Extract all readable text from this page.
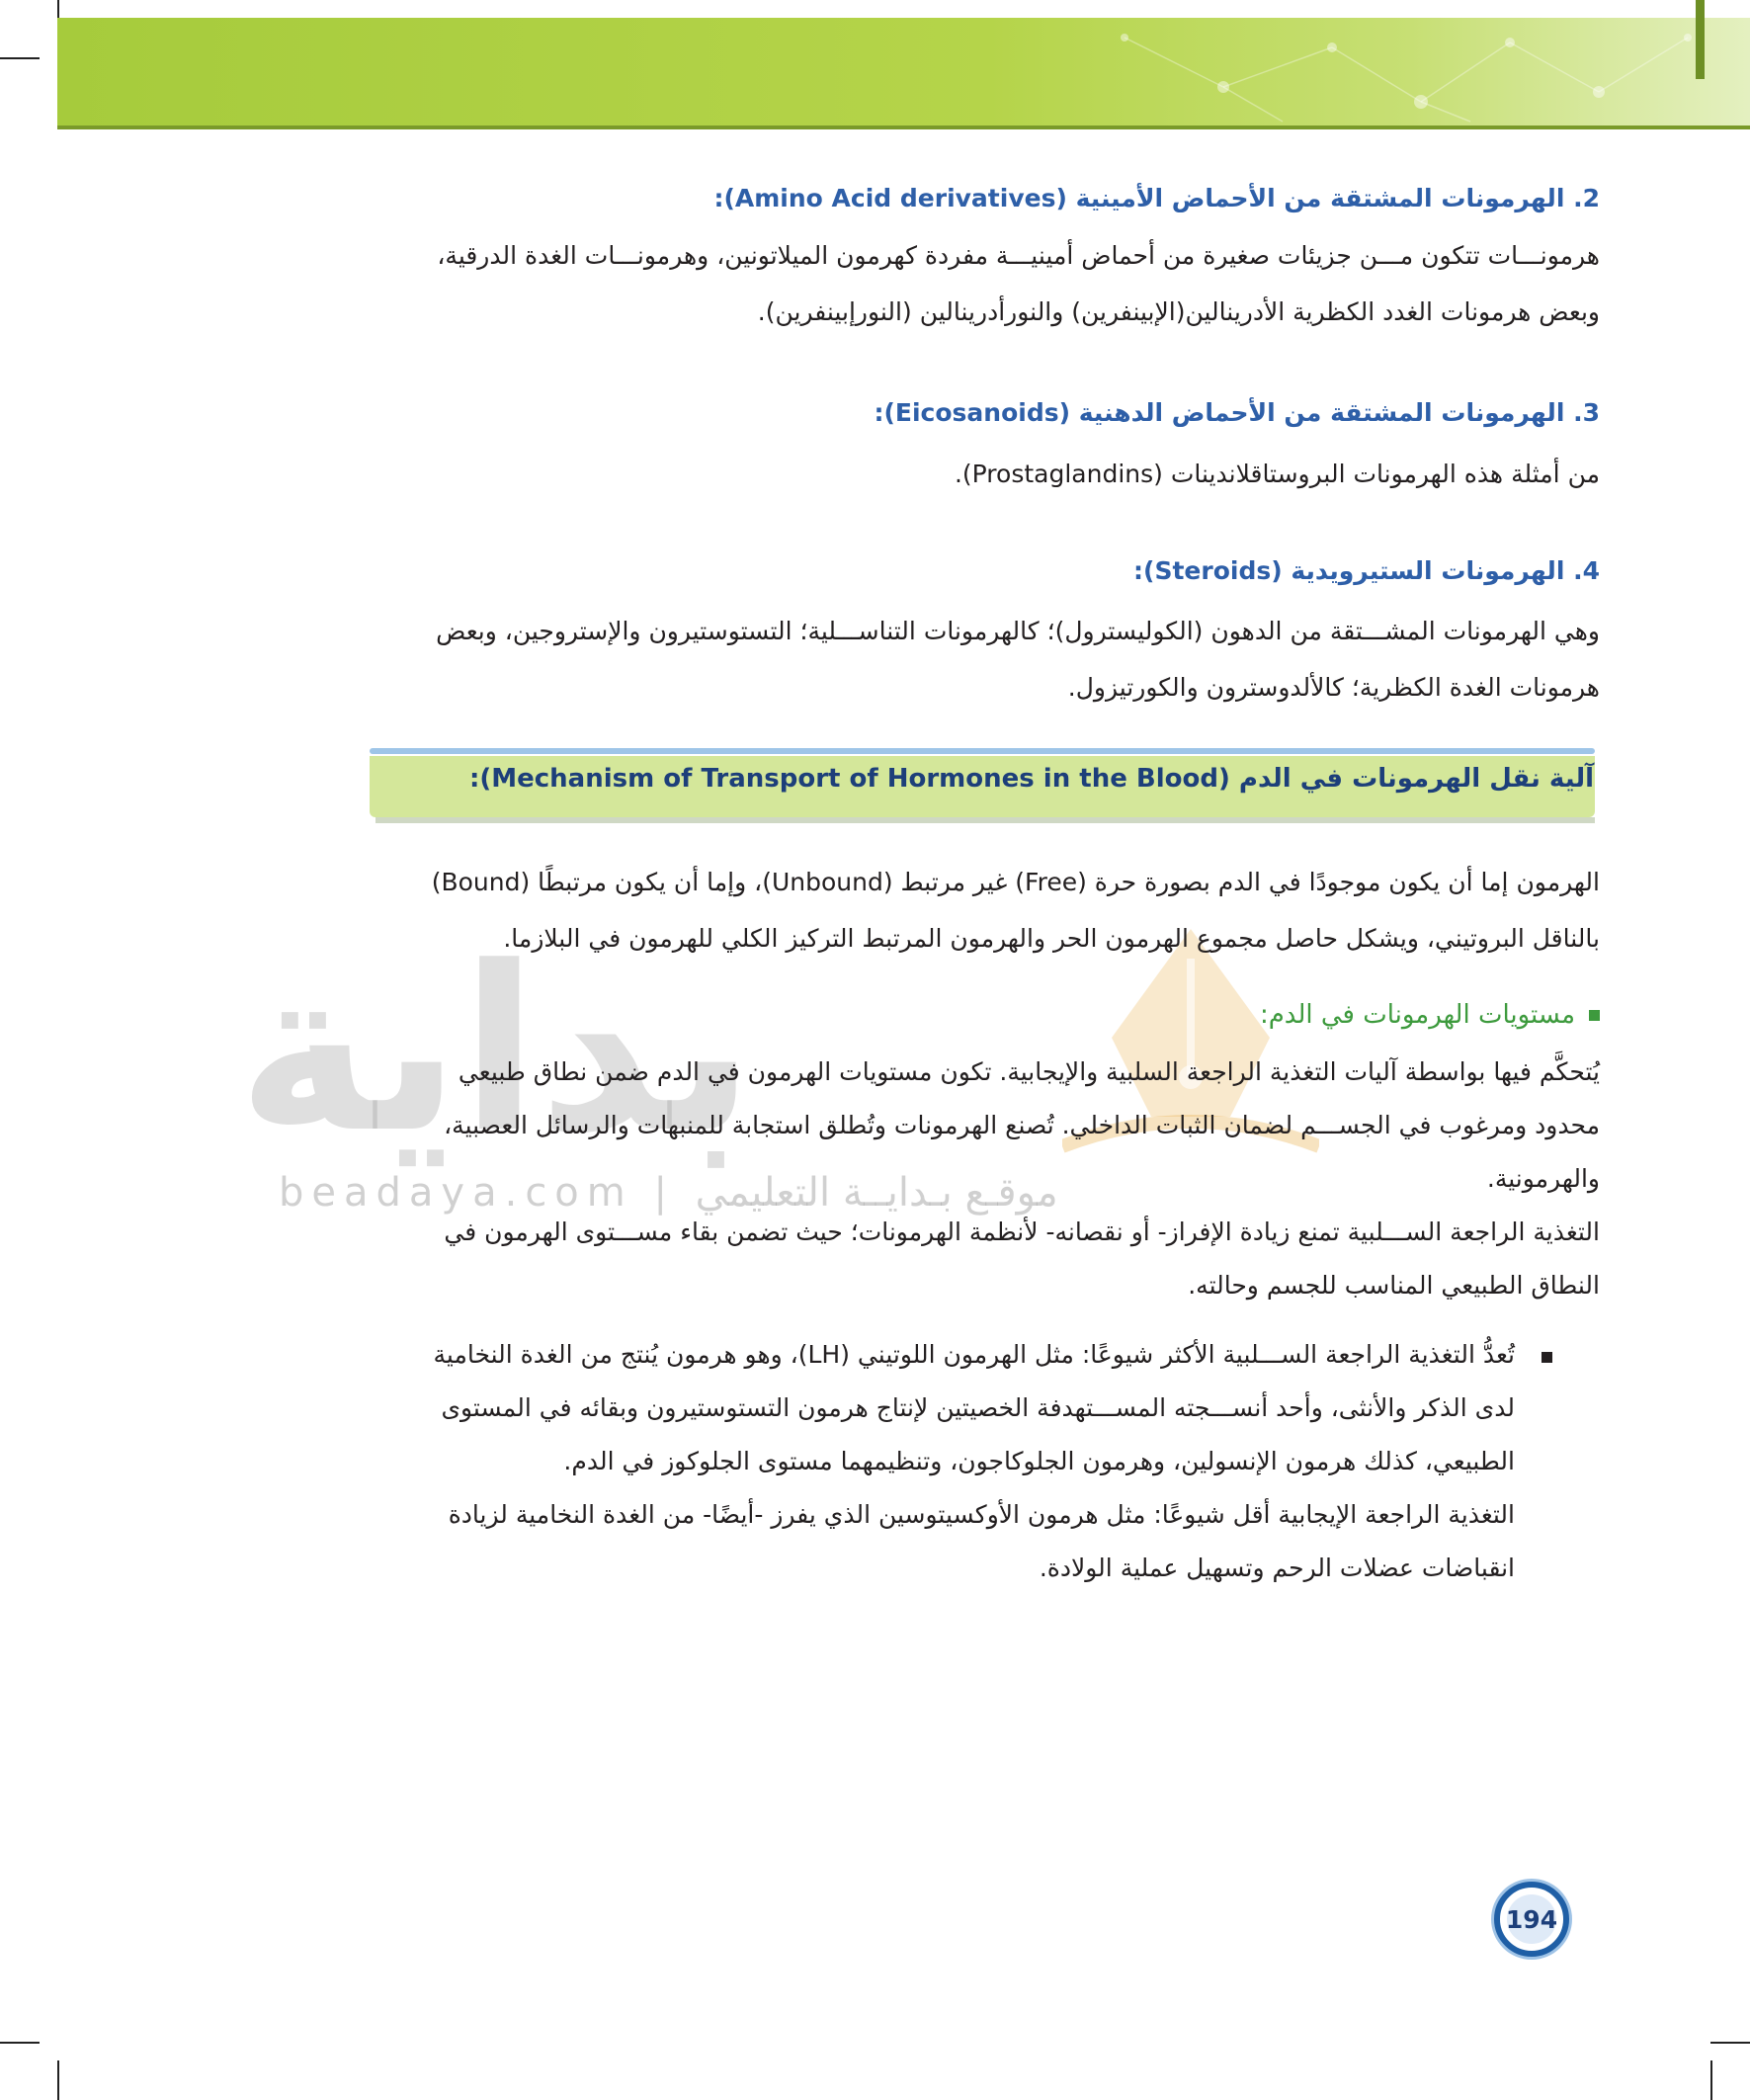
بداية
beadaya.com | موقـع بـدايــة التعليمي
2. الهرمونات المشتقة من الأحماض الأمينية (Amino Acid derivatives):

هرمونـــات تتكون مـــن جزيئات صغيرة من أحماض أمينيـــة مفردة كهرمون الميلاتونين، وهرمونـــات الغدة الدرقية،

وبعض هرمونات الغدد الكظرية الأدرينالين(الإبينفرين) والنورأدرينالين (النورإبينفرين).

3. الهرمونات المشتقة من الأحماض الدهنية (Eicosanoids):

من أمثلة هذه الهرمونات البروستاقلاندينات (Prostaglandins).

4. الهرمونات الستيرويدية (Steroids):

وهي الهرمونات المشـــتقة من الدهون (الكوليسترول)؛ كالهرمونات التناســـلية؛ التستوستيرون والإستروجين، وبعض

هرمونات الغدة الكظرية؛ كالألدوسترون والكورتيزول.

آلية نقل الهرمونات في الدم (Mechanism of Transport of Hormones in the Blood):

الهرمون إما أن يكون موجودًا في الدم بصورة حرة (Free) غير مرتبط (Unbound)، وإما أن يكون مرتبطًا (Bound)

بالناقل البروتيني، ويشكل حاصل مجموع الهرمون الحر والهرمون المرتبط التركيز الكلي للهرمون في البلازما.

مستويات الهرمونات في الدم:

يُتحكَّم فيها بواسطة آليات التغذية الراجعة السلبية والإيجابية. تكون مستويات الهرمون في الدم ضمن نطاق طبيعي

محدود ومرغوب في الجســـم لضمان الثبات الداخلي. تُصنع الهرمونات وتُطلق استجابة للمنبهات والرسائل العصبية،

والهرمونية.

التغذية الراجعة الســـلبية تمنع زيادة الإفراز- أو نقصانه- لأنظمة الهرمونات؛ حيث تضمن بقاء مســـتوى الهرمون في

النطاق الطبيعي المناسب للجسم وحالته.

تُعدُّ التغذية الراجعة الســـلبية الأكثر شيوعًا: مثل الهرمون اللوتيني (LH)، وهو هرمون يُنتج من الغدة النخامية

لدى الذكر والأنثى، وأحد أنســـجته المســـتهدفة الخصيتين لإنتاج هرمون التستوستيرون وبقائه في المستوى

الطبيعي، كذلك هرمون الإنسولين، وهرمون الجلوكاجون، وتنظيمهما مستوى الجلوكوز في الدم.

التغذية الراجعة الإيجابية أقل شيوعًا: مثل هرمون الأوكسيتوسين الذي يفرز -أيضًا- من الغدة النخامية لزيادة

انقباضات عضلات الرحم وتسهيل عملية الولادة.

194
